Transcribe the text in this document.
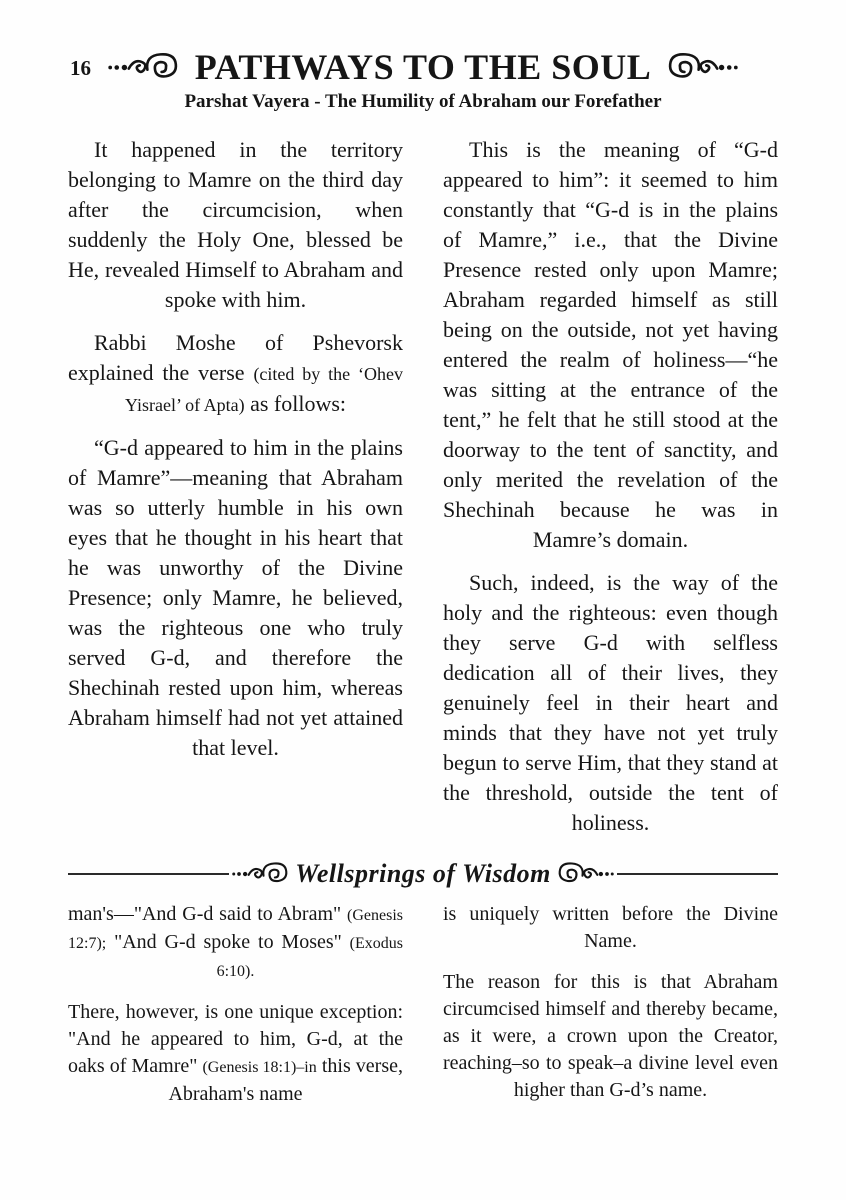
16	PATHWAYS TO THE SOUL
Parshat Vayera - The Humility of Abraham our Forefather

It happened in the territory belonging to Mamre on the third day after the circumcision, when suddenly the Holy One, blessed be He, revealed Himself to Abraham and spoke with him.

Rabbi Moshe of Pshevorsk explained the verse (cited by the ‘Ohev Yisrael’ of Apta) as follows:

“G-d appeared to him in the plains of Mamre”—meaning that Abraham was so utterly humble in his own eyes that he thought in his heart that he was unworthy of the Divine Presence; only Mamre, he believed, was the righteous one who truly served G-d, and therefore the Shechinah rested upon him, whereas Abraham himself had not yet attained that level.

This is the meaning of “G-d appeared to him”: it seemed to him constantly that “G-d is in the plains of Mamre,” i.e., that the Divine Presence rested only upon Mamre; Abraham regarded himself as still being on the outside, not yet having entered the realm of holiness—“he was sitting at the entrance of the tent,” he felt that he still stood at the doorway to the tent of sanctity, and only merited the revelation of the Shechinah because he was in Mamre’s domain.

Such, indeed, is the way of the holy and the righteous: even though they serve G-d with selfless dedication all of their lives, they genuinely feel in their heart and minds that they have not yet truly begun to serve Him, that they stand at the threshold, outside the tent of holiness.

Wellsprings of Wisdom

man's—"And G-d said to Abram" (Genesis 12:7); "And G-d spoke to Moses" (Exodus 6:10).

There, however, is one unique exception: "And he appeared to him, G-d, at the oaks of Mamre" (Genesis 18:1)–in this verse, Abraham's name

is uniquely written before the Divine Name.

The reason for this is that Abraham circumcised himself and thereby became, as it were, a crown upon the Creator, reaching–so to speak–a divine level even higher than G-d’s name.
